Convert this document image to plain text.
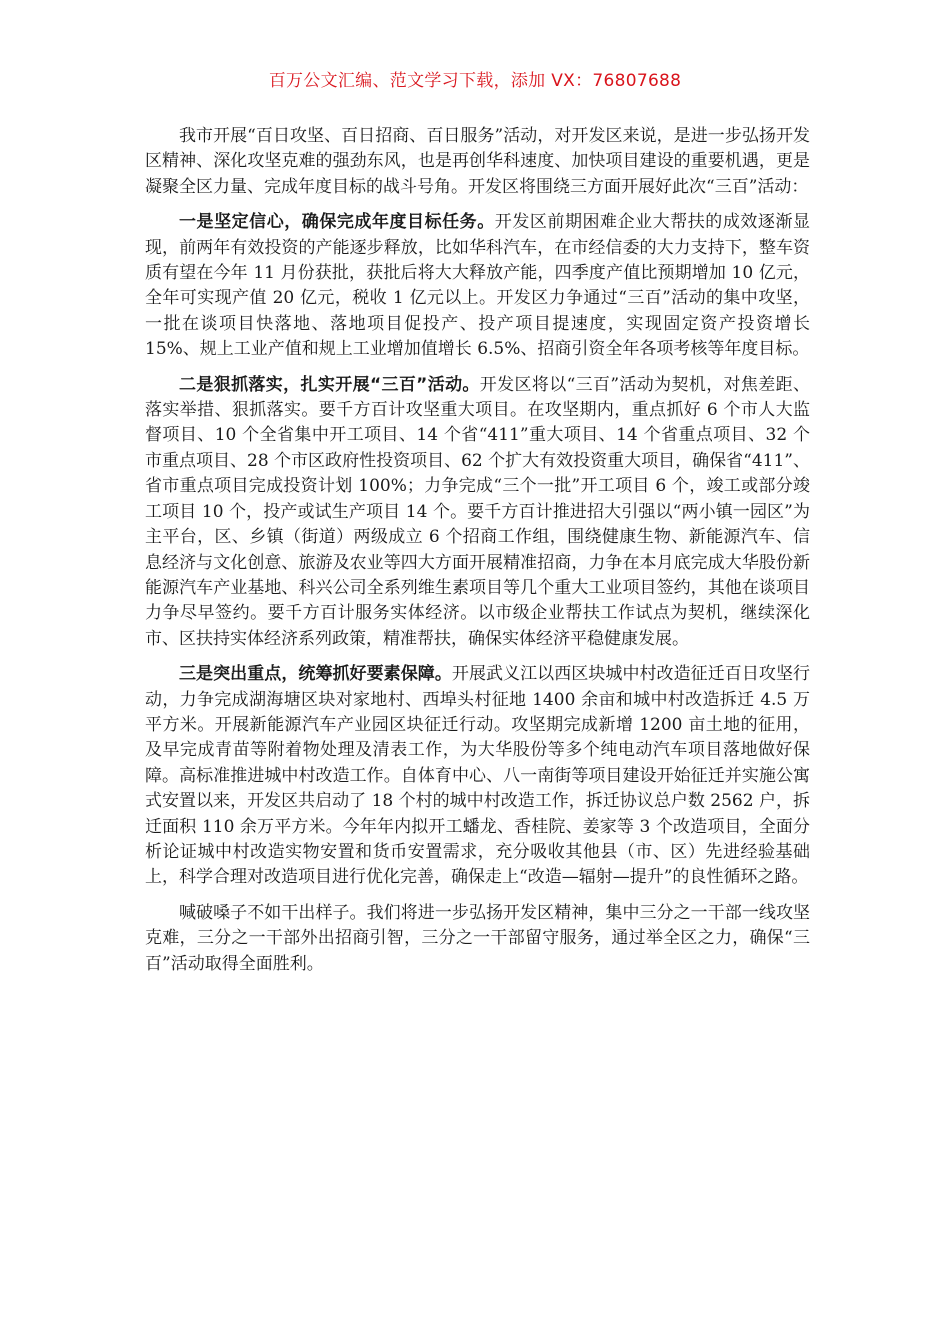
百万公文汇编、范文学习下载，添加 VX：76807688

我市开展“百日攻坚、百日招商、百日服务”活动，对开发区来说，是进一步弘扬开发区精神、深化攻坚克难的强劲东风，也是再创华科速度、加快项目建设的重要机遇，更是凝聚全区力量、完成年度目标的战斗号角。开发区将围绕三方面开展好此次“三百”活动：

一是坚定信心，确保完成年度目标任务。开发区前期困难企业大帮扶的成效逐渐显现，前两年有效投资的产能逐步释放，比如华科汽车，在市经信委的大力支持下，整车资质有望在今年 11 月份获批，获批后将大大释放产能，四季度产值比预期增加 10 亿元，全年可实现产值 20 亿元，税收 1 亿元以上。开发区力争通过“三百”活动的集中攻坚，一批在谈项目快落地、落地项目促投产、投产项目提速度，实现固定资产投资增长 15%、规上工业产值和规上工业增加值增长 6.5%、招商引资全年各项考核等年度目标。

二是狠抓落实，扎实开展“三百”活动。开发区将以“三百”活动为契机，对焦差距、落实举措、狠抓落实。要千方百计攻坚重大项目。在攻坚期内，重点抓好 6 个市人大监督项目、10 个全省集中开工项目、14 个省“411”重大项目、14 个省重点项目、32 个市重点项目、28 个市区政府性投资项目、62 个扩大有效投资重大项目，确保省“411”、省市重点项目完成投资计划 100%；力争完成“三个一批”开工项目 6 个，竣工或部分竣工项目 10 个，投产或试生产项目 14 个。要千方百计推进招大引强以“两小镇一园区”为主平台，区、乡镇（街道）两级成立 6 个招商工作组，围绕健康生物、新能源汽车、信息经济与文化创意、旅游及农业等四大方面开展精准招商，力争在本月底完成大华股份新能源汽车产业基地、科兴公司全系列维生素项目等几个重大工业项目签约，其他在谈项目力争尽早签约。要千方百计服务实体经济。以市级企业帮扶工作试点为契机，继续深化市、区扶持实体经济系列政策，精准帮扶，确保实体经济平稳健康发展。

三是突出重点，统筹抓好要素保障。开展武义江以西区块城中村改造征迁百日攻坚行动，力争完成湖海塘区块对家地村、西埠头村征地 1400 余亩和城中村改造拆迁 4.5 万平方米。开展新能源汽车产业园区块征迁行动。攻坚期完成新增 1200 亩土地的征用，及早完成青苗等附着物处理及清表工作，为大华股份等多个纯电动汽车项目落地做好保障。高标准推进城中村改造工作。自体育中心、八一南街等项目建设开始征迁并实施公寓式安置以来，开发区共启动了 18 个村的城中村改造工作，拆迁协议总户数 2562 户，拆迁面积 110 余万平方米。今年年内拟开工蟠龙、香桂院、姜家等 3 个改造项目，全面分析论证城中村改造实物安置和货币安置需求，充分吸收其他县（市、区）先进经验基础上，科学合理对改造项目进行优化完善，确保走上“改造—辐射—提升”的良性循环之路。

喊破嗓子不如干出样子。我们将进一步弘扬开发区精神，集中三分之一干部一线攻坚克难，三分之一干部外出招商引智，三分之一干部留守服务，通过举全区之力，确保“三百”活动取得全面胜利。
